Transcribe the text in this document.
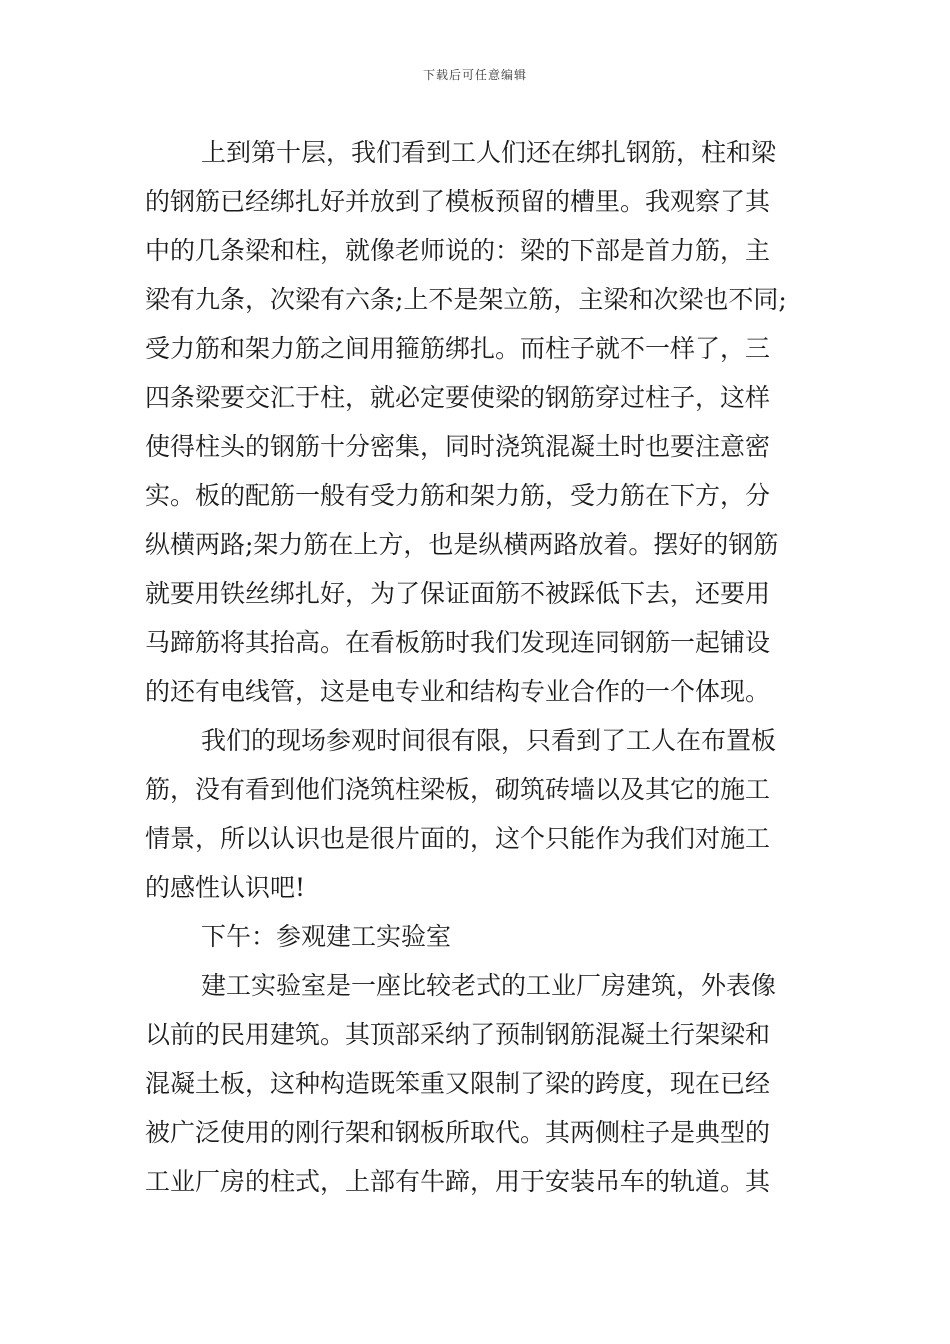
下载后可任意编辑
上到第十层，我们看到工人们还在绑扎钢筋，柱和梁
的钢筋已经绑扎好并放到了模板预留的槽里。我观察了其
中的几条梁和柱，就像老师说的：梁的下部是首力筋，主
梁有九条，次梁有六条;上不是架立筋，主梁和次梁也不同;
受力筋和架力筋之间用箍筋绑扎。而柱子就不一样了，三
四条梁要交汇于柱，就必定要使梁的钢筋穿过柱子，这样
使得柱头的钢筋十分密集，同时浇筑混凝土时也要注意密
实。板的配筋一般有受力筋和架力筋，受力筋在下方，分
纵横两路;架力筋在上方，也是纵横两路放着。摆好的钢筋
就要用铁丝绑扎好，为了保证面筋不被踩低下去，还要用
马蹄筋将其抬高。在看板筋时我们发现连同钢筋一起铺设
的还有电线管，这是电专业和结构专业合作的一个体现。
我们的现场参观时间很有限，只看到了工人在布置板
筋，没有看到他们浇筑柱梁板，砌筑砖墙以及其它的施工
情景，所以认识也是很片面的，这个只能作为我们对施工
的感性认识吧!
下午：参观建工实验室
建工实验室是一座比较老式的工业厂房建筑，外表像
以前的民用建筑。其顶部采纳了预制钢筋混凝土行架梁和
混凝土板，这种构造既笨重又限制了梁的跨度，现在已经
被广泛使用的刚行架和钢板所取代。其两侧柱子是典型的
工业厂房的柱式，上部有牛蹄，用于安装吊车的轨道。其
